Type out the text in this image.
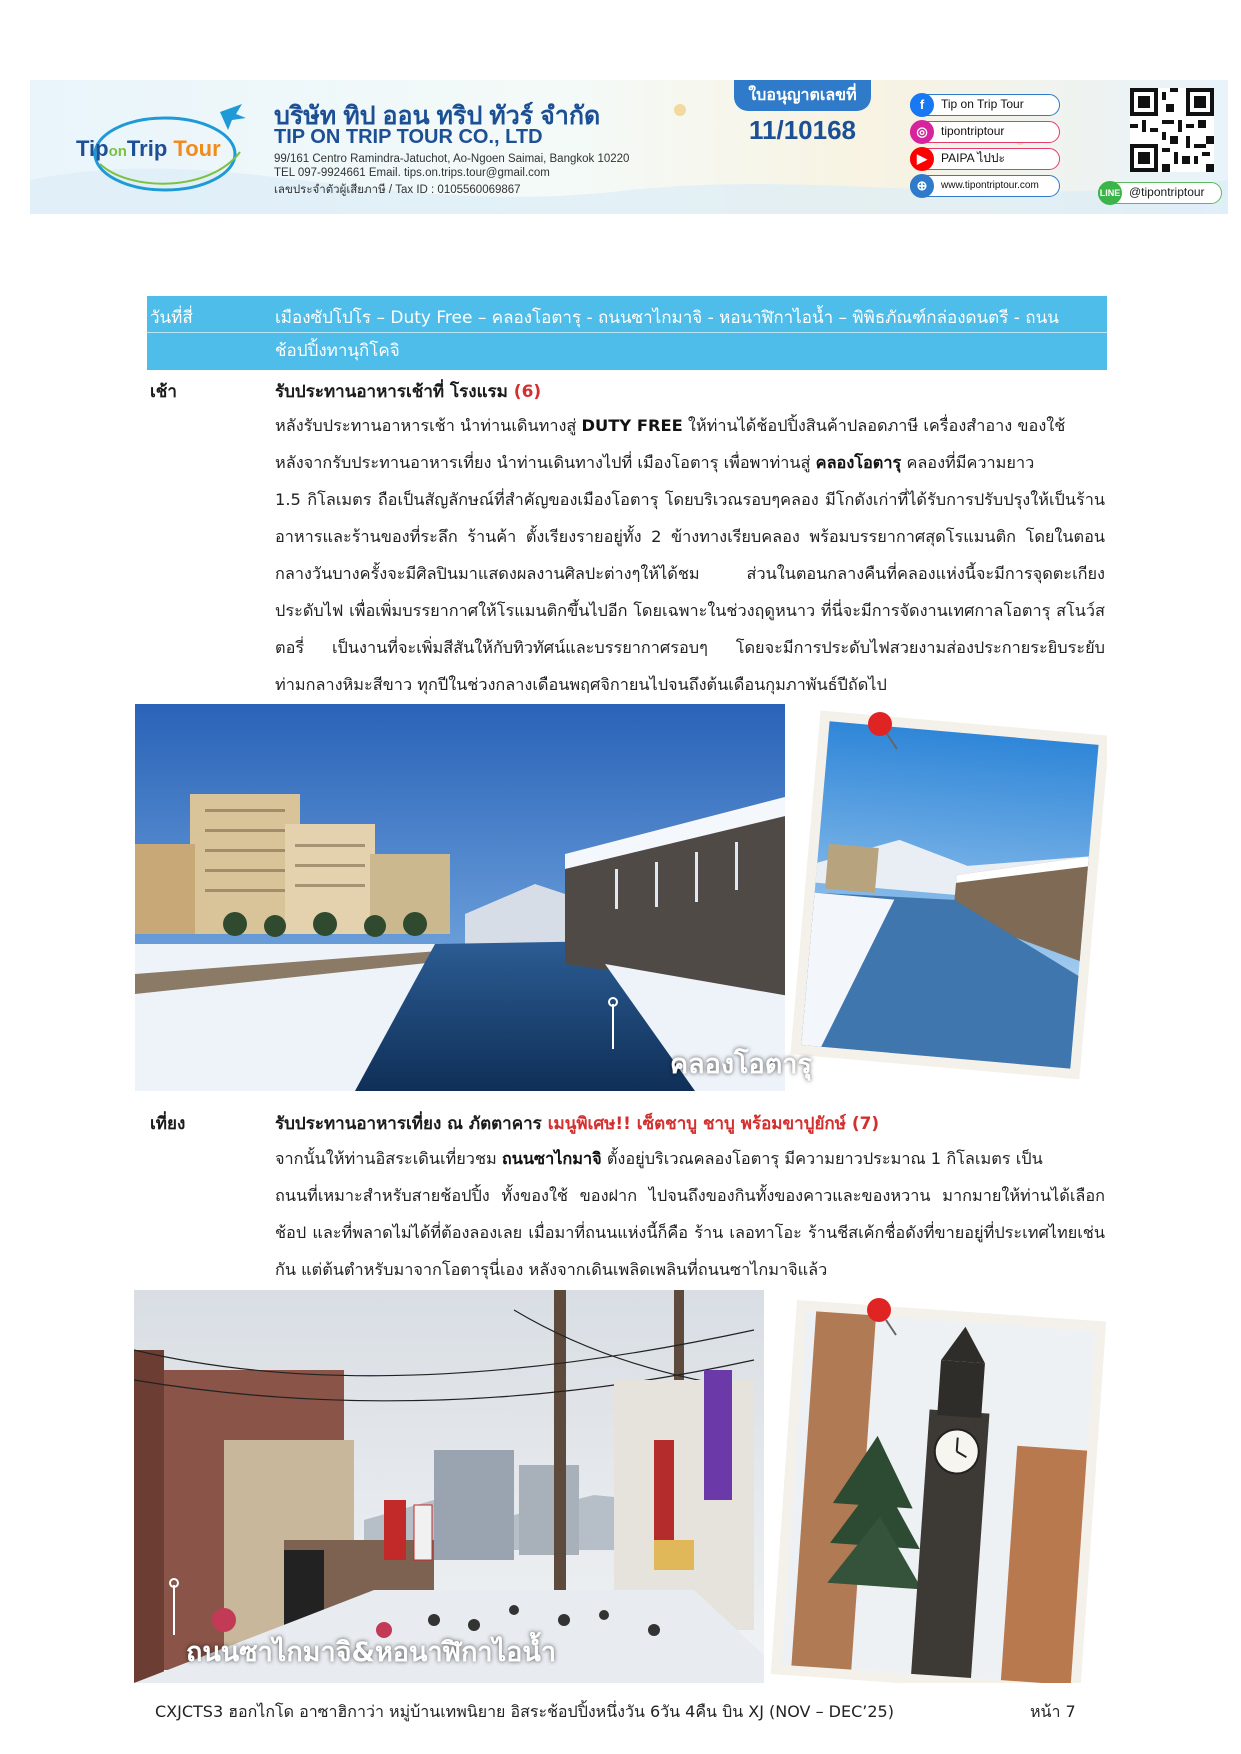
TiponTrip Tour
บริษัท ทิป ออน ทริป ทัวร์ จำกัด
TIP ON TRIP TOUR CO., LTD
99/161 Centro Ramindra-Jatuchot, Ao-Ngoen Saimai, Bangkok 10220
TEL 097-9924661 Email. tips.on.trips.tour@gmail.com
เลขประจำตัวผู้เสียภาษี / Tax ID : 0105560069867
ใบอนุญาตเลขที่
11/10168
f	Tip on Trip Tour
◎	tipontriptour
▶	PAIPA ไปปะ
⊕	www.tipontriptour.com
LINE @tipontriptour
วันที่สี่	เมืองซัปโปโร – Duty Free – คลองโอตารุ - ถนนซาไกมาจิ - หอนาฬิกาไอน้ำ – พิพิธภัณฑ์กล่องดนตรี - ถนนช้อปปิ้งทานุกิโคจิ
เช้า	รับประทานอาหารเช้าที่ โรงแรม (6)
หลังรับประทานอาหารเช้า นำท่านเดินทางสู่ DUTY FREE ให้ท่านได้ช้อปปิ้งสินค้าปลอดภาษี เครื่องสำอาง ของใช้
หลังจากรับประทานอาหารเที่ยง นำท่านเดินทางไปที่ เมืองโอตารุ เพื่อพาท่านสู่ คลองโอตารุ คลองที่มีความยาว
1.5 กิโลเมตร ถือเป็นสัญลักษณ์ที่สำคัญของเมืองโอตารุ โดยบริเวณรอบๆคลอง มีโกดังเก่าที่ได้รับการปรับปรุงให้เป็นร้านอาหารและร้านของที่ระลึก ร้านค้า ตั้งเรียงรายอยู่ทั้ง 2 ข้างทางเรียบคลอง พร้อมบรรยากาศสุดโรแมนติก โดยในตอนกลางวันบางครั้งจะมีศิลปินมาแสดงผลงานศิลปะต่างๆให้ได้ชม ส่วนในตอนกลางคืนที่คลองแห่งนี้จะมีการจุดตะเกียงประดับไฟ เพื่อเพิ่มบรรยากาศให้โรแมนติกขึ้นไปอีก โดยเฉพาะในช่วงฤดูหนาว ที่นี่จะมีการจัดงานเทศกาลโอตารุ สโนว์สตอรี่ เป็นงานที่จะเพิ่มสีสันให้กับทิวทัศน์และบรรยากาศรอบๆ โดยจะมีการประดับไฟสวยงามส่องประกายระยิบระยับท่ามกลางหิมะสีขาว ทุกปีในช่วงกลางเดือนพฤศจิกายนไปจนถึงต้นเดือนกุมภาพันธ์ปีถัดไป
คลองโอตารุ
เที่ยง	รับประทานอาหารเที่ยง ณ ภัตตาคาร เมนูพิเศษ!! เซ็ตชาบู ชาบู พร้อมขาปูยักษ์ (7)
จากนั้นให้ท่านอิสระเดินเที่ยวชม ถนนซาไกมาจิ ตั้งอยู่บริเวณคลองโอตารุ มีความยาวประมาณ 1 กิโลเมตร เป็น
ถนนที่เหมาะสำหรับสายช้อปปิ้ง ทั้งของใช้ ของฝาก ไปจนถึงของกินทั้งของคาวและของหวาน มากมายให้ท่านได้เลือกช้อป และที่พลาดไม่ได้ที่ต้องลองเลย เมื่อมาที่ถนนแห่งนี้ก็คือ ร้าน เลอทาโอะ ร้านชีสเค้กชื่อดังที่ขายอยู่ที่ประเทศไทยเช่นกัน แต่ต้นตำหรับมาจากโอตารุนี่เอง หลังจากเดินเพลิดเพลินที่ถนนซาไกมาจิแล้ว
ถนนซาไกมาจิ&หอนาฬิกาไอน้ำ
CXJCTS3 ฮอกไกโด อาซาฮิกาว่า หมู่บ้านเทพนิยาย อิสระช้อปปิ้งหนึ่งวัน 6วัน 4คืน บิน XJ (NOV – DEC’25)	หน้า 7
